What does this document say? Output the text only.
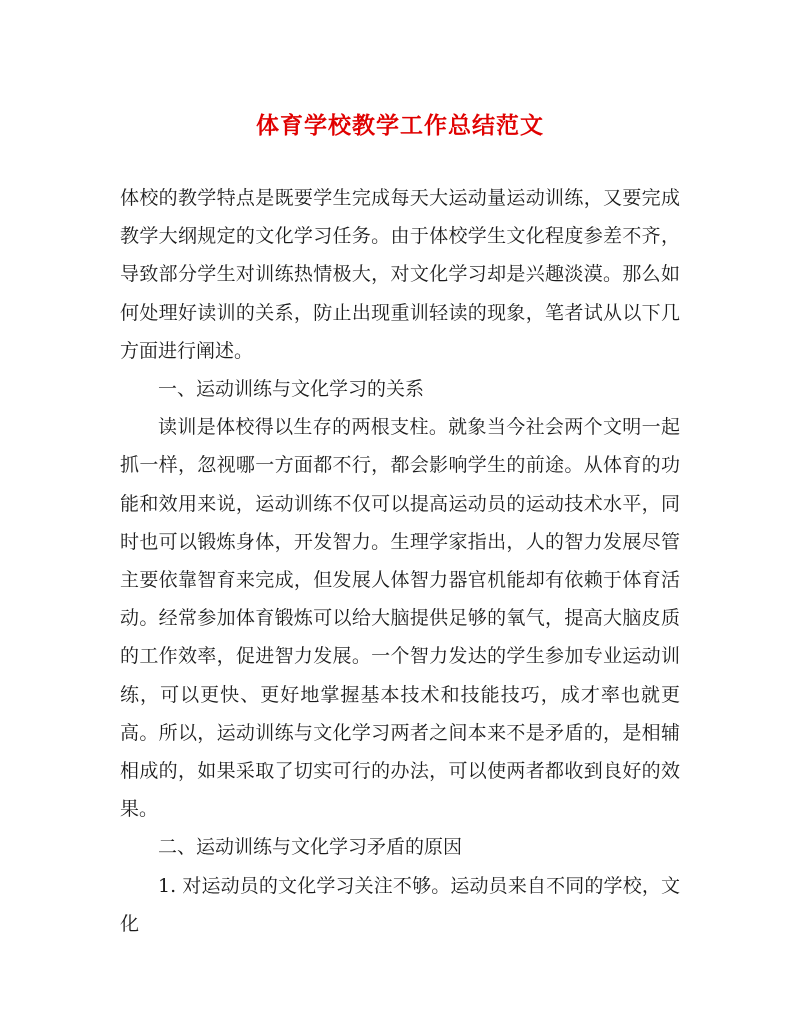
体育学校教学工作总结范文

体校的教学特点是既要学生完成每天大运动量运动训练，又要完成教学大纲规定的文化学习任务。由于体校学生文化程度参差不齐，导致部分学生对训练热情极大，对文化学习却是兴趣淡漠。那么如何处理好读训的关系，防止出现重训轻读的现象，笔者试从以下几方面进行阐述。

一、运动训练与文化学习的关系

读训是体校得以生存的两根支柱。就象当今社会两个文明一起抓一样，忽视哪一方面都不行，都会影响学生的前途。从体育的功能和效用来说，运动训练不仅可以提高运动员的运动技术水平，同时也可以锻炼身体，开发智力。生理学家指出，人的智力发展尽管主要依靠智育来完成，但发展人体智力器官机能却有依赖于体育活动。经常参加体育锻炼可以给大脑提供足够的氧气，提高大脑皮质的工作效率，促进智力发展。一个智力发达的学生参加专业运动训练，可以更快、更好地掌握基本技术和技能技巧，成才率也就更高。所以，运动训练与文化学习两者之间本来不是矛盾的，是相辅相成的，如果采取了切实可行的办法，可以使两者都收到良好的效果。

二、运动训练与文化学习矛盾的原因

1. 对运动员的文化学习关注不够。运动员来自不同的学校，文化
